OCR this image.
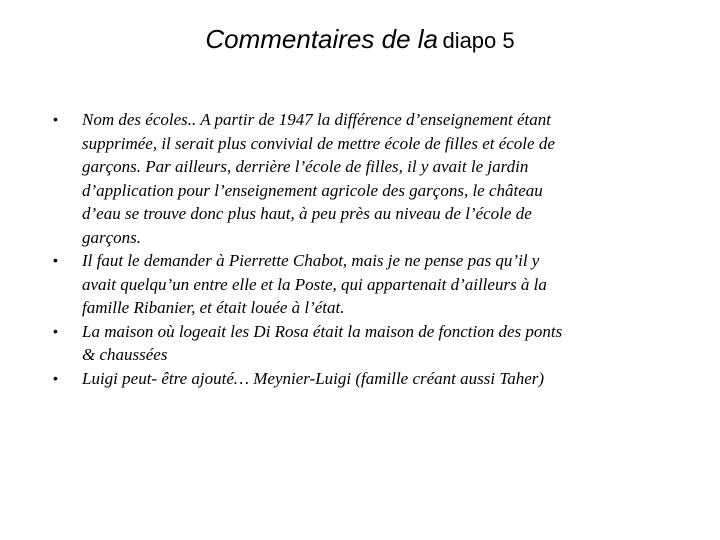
Commentaires de la diapo 5
• Nom des écoles.. A partir de 1947 la différence d’enseignement étant
supprimée, il serait plus convivial de mettre école de filles et école de
garçons. Par ailleurs, derrière l’école de filles, il y avait le jardin
d’application pour l’enseignement agricole des garçons, le château
d’eau se trouve donc plus haut, à peu près au niveau de l’école de
garçons.
• Il faut le demander à Pierrette Chabot, mais je ne pense pas qu’il y
avait quelqu’un entre elle et la Poste, qui appartenait d’ailleurs à la
famille Ribanier, et était louée à l’état.
• La maison où logeait les Di Rosa était la maison de fonction des ponts
& chaussées
• Luigi peut- être ajouté… Meynier-Luigi (famille créant aussi Taher)
